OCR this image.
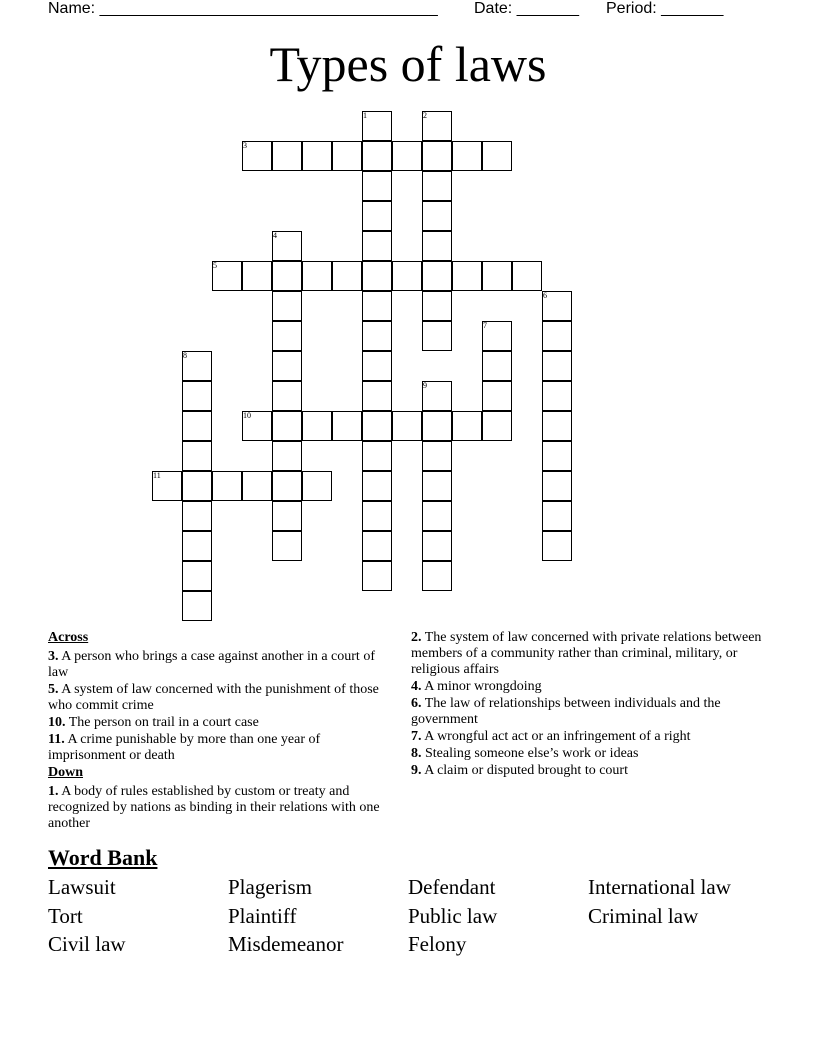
Name: ______________________________________ Date: _______ Period: _______
Types of laws
1	2
3
4
5
6
7
8
9
10
11
Across
3. A person who brings a case against another in a court of law
5. A system of law concerned with the punishment of those who commit crime
10. The person on trail in a court case
11. A crime punishable by more than one year of imprisonment or death
Down
1. A body of rules established by custom or treaty and recognized by nations as binding in their relations with one another
2. The system of law concerned with private relations between members of a community rather than criminal, military, or religious affairs
4. A minor wrongdoing
6. The law of relationships between individuals and the government
7. A wrongful act act or an infringement of a right
8. Stealing someone else’s work or ideas
9. A claim or disputed brought to court
Word Bank
Lawsuit	Plagerism	Defendant	International law
Tort	Plaintiff	Public law	Criminal law
Civil law	Misdemeanor	Felony
